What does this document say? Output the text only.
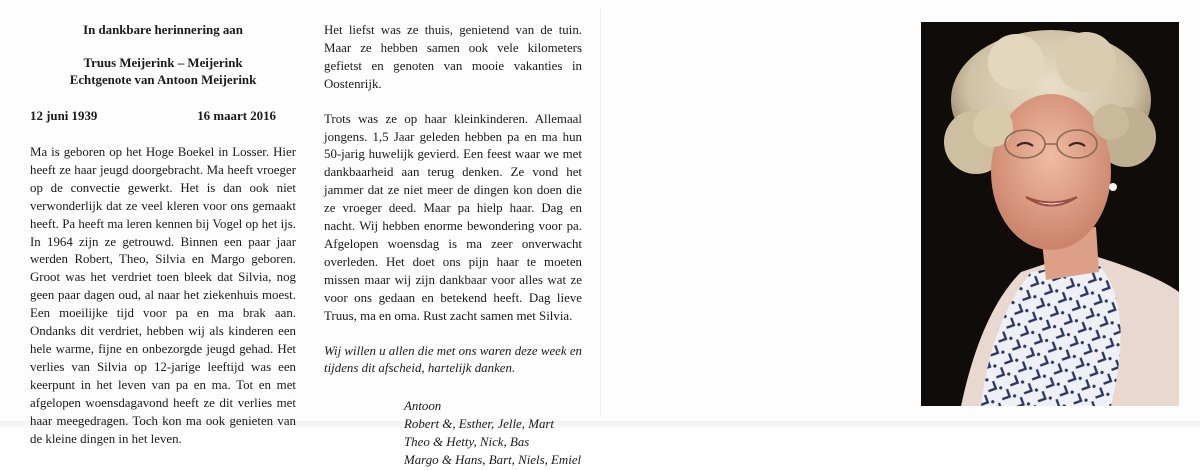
In dankbare herinnering aan
Truus Meijerink – Meijerink
Echtgenote van Antoon Meijerink
12 juni 1939	16 maart 2016

Ma is geboren op het Hoge Boekel in Losser. Hier heeft ze haar jeugd doorgebracht. Ma heeft vroeger op de convectie gewerkt. Het is dan ook niet verwonderlijk dat ze veel kleren voor ons gemaakt heeft. Pa heeft ma leren kennen bij Vogel op het ijs. In 1964 zijn ze getrouwd. Binnen een paar jaar werden Robert, Theo, Silvia en Margo geboren. Groot was het verdriet toen bleek dat Silvia, nog geen paar dagen oud, al naar het ziekenhuis moest. Een moeilijke tijd voor pa en ma brak aan. Ondanks dit verdriet, hebben wij als kinderen een hele warme, fijne en onbezorgde jeugd gehad. Het verlies van Silvia op 12-jarige leeftijd was een keerpunt in het leven van pa en ma. Tot en met afgelopen woensdagavond heeft ze dit verlies met haar meegedragen. Toch kon ma ook genieten van de kleine dingen in het leven.

Het liefst was ze thuis, genietend van de tuin. Maar ze hebben samen ook vele kilometers gefietst en genoten van mooie vakanties in Oostenrijk.

Trots was ze op haar kleinkinderen. Allemaal jongens. 1,5 Jaar geleden hebben pa en ma hun 50-jarig huwelijk gevierd. Een feest waar we met dankbaarheid aan terug denken. Ze vond het jammer dat ze niet meer de dingen kon doen die ze vroeger deed. Maar pa hielp haar. Dag en nacht. Wij hebben enorme bewondering voor pa. Afgelopen woensdag is ma zeer onverwacht overleden. Het doet ons pijn haar te moeten missen maar wij zijn dankbaar voor alles wat ze voor ons gedaan en betekend heeft. Dag lieve Truus, ma en oma. Rust zacht samen met Silvia.

Wij willen u allen die met ons waren deze week en tijdens dit afscheid, hartelijk danken.

Antoon
Robert &, Esther, Jelle, Mart
Theo & Hetty, Nick, Bas
Margo & Hans, Bart, Niels, Emiel
